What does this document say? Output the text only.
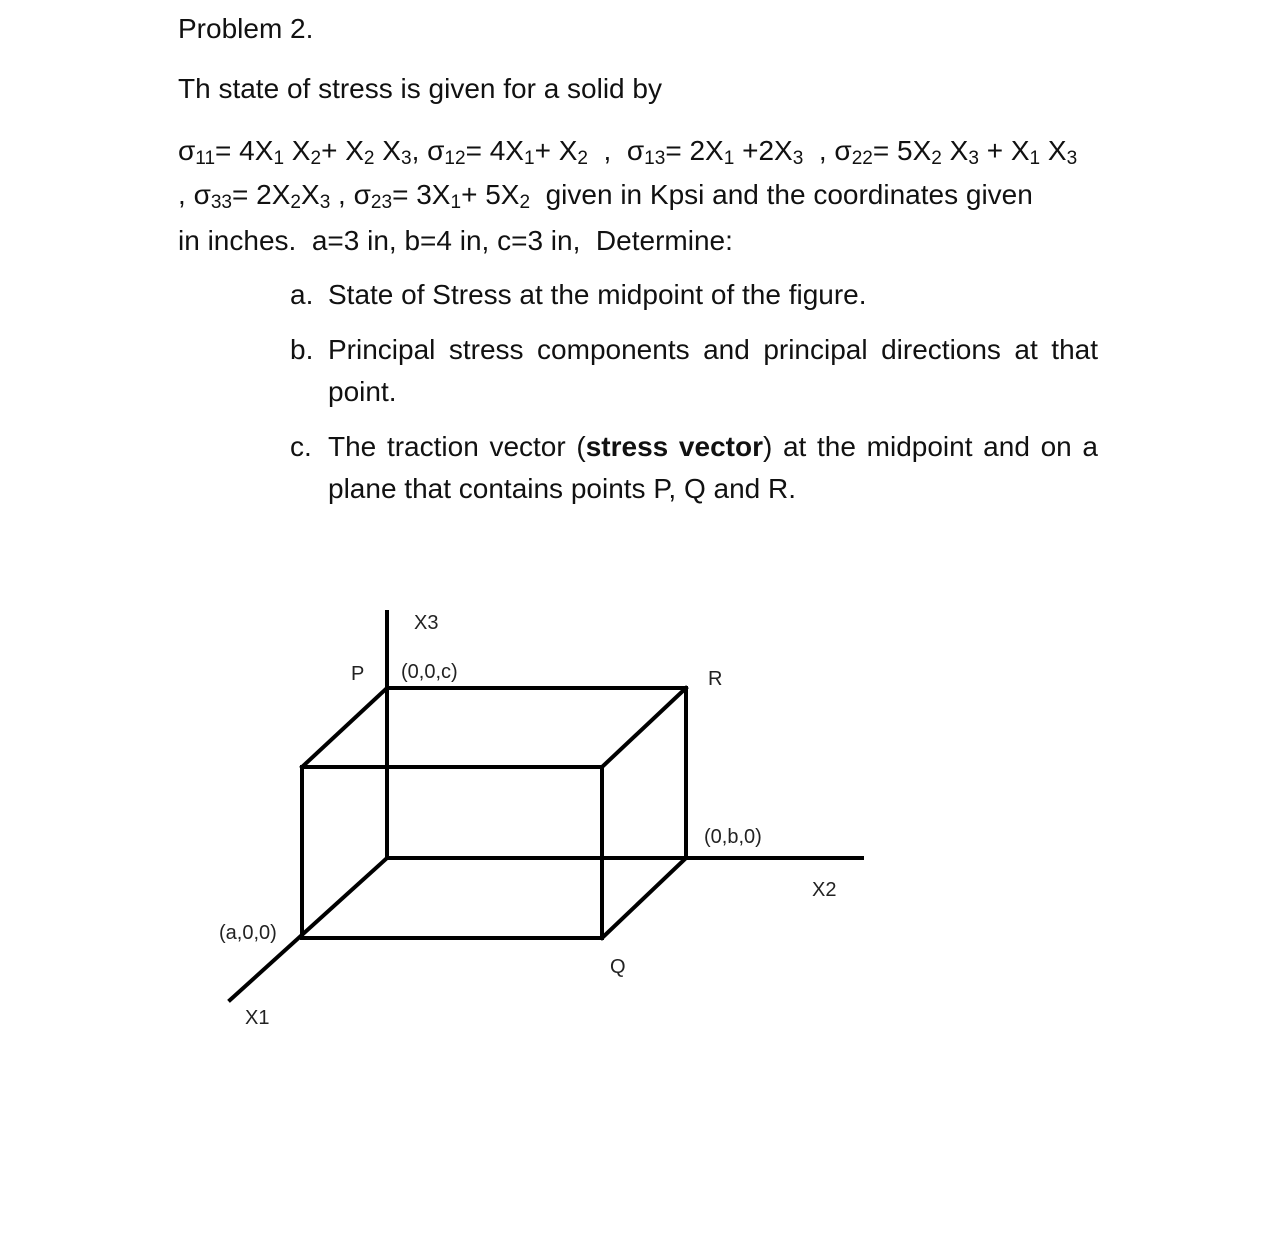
Problem 2.
Th state of stress is given for a solid by
$\sigma_{11}= 4X_1$ $X_2+ X_2$ $X_3$, $\sigma_{12}= 4X_1+ X_2$  ,  $\sigma_{13}= 2X_1 +2X_3$  , $\sigma_{22}= 5X_2$ $X_3 + X_1$ $X_3$
, $\sigma_{33}= 2X_2X_3$ , $\sigma_{23}= 3X_1+ 5X_2$  given in Kpsi and the coordinates given
in inches.  a=3 in, b=4 in, c=3 in,  Determine:
a. State of Stress at the midpoint of the figure.
b. Principal stress components and principal directions at that point.
c. The traction vector (stress vector) at the midpoint and on a plane that contains points P, Q and R.
X3
P (0,0,c)	R
(0,b,0)
X2
(a,0,0)
Q
X1
